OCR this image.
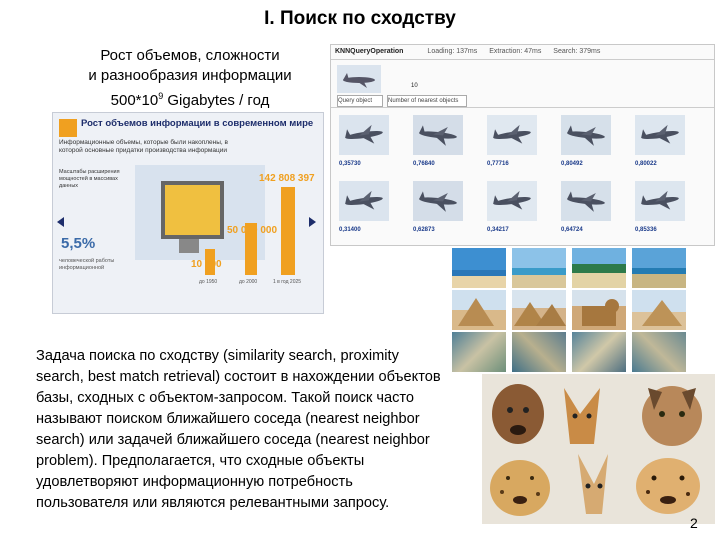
I. Поиск по сходству
Рост объемов, сложности
и разнообразия информации
$500*10^9$ Gigabytes / год
Рост объемов информации в современном мире
Информационные объемы, которые были накоплены, в которой основные придатки производства информации
Масштабы расширения мощностей в массивах данных
142 808 397
50 000 000
10 000
5,5%
человеческой работы информационной
до 1950	до 2000	1 в год 2025
KNNQueryOperation	Loading: 137ms Extraction: 47ms Search: 379ms
Query object
10
Number of nearest objects
0,35730	0,76840	0,77716	0,80492	0,80022
0,31400	0,62873	0,34217	0,64724	0,85336
Задача поиска по сходству (similarity search, proximity search, best match retrieval) состоит в нахождении объектов базы, сходных с объектом-запросом. Такой поиск часто называют поиском ближайшего соседа (nearest neighbor search) или задачей ближайшего соседа (nearest neighbor problem). Предполагается, что сходные объекты удовлетворяют информационную потребность пользователя или являются релевантными запросу.
2
